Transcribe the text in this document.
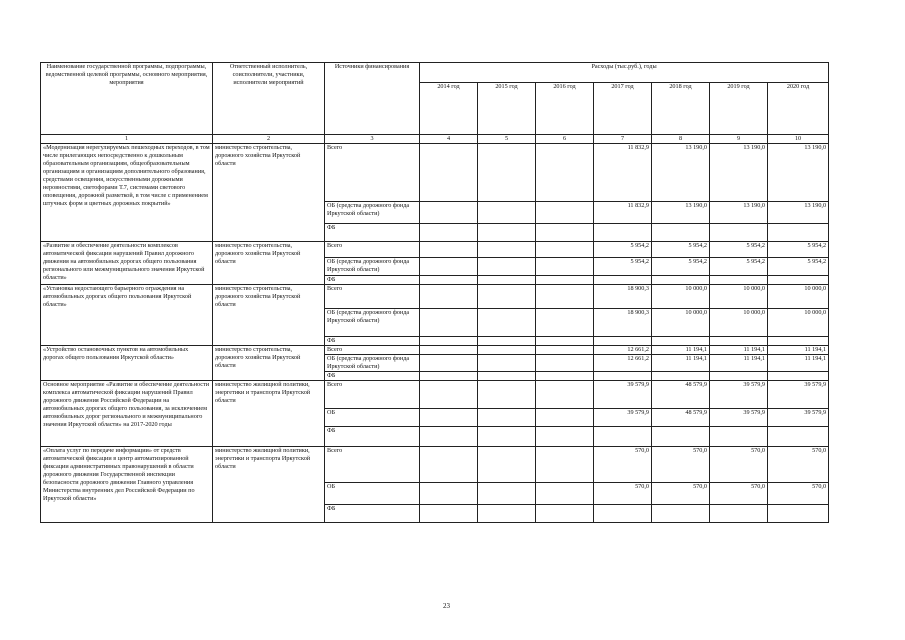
Наименование государственной программы, подпрограммы, ведомственной целевой программы, основного мероприятия, мероприятия	Ответственный исполнитель, соисполнители, участники, исполнители мероприятий	Источники финансирования	Расходы (тыс.руб.), годы						
			2014 год	2015 год	2016 год	2017 год	2018 год	2019 год	2020 год
1	2	3	4	5	6	7	8	9	10
«Модернизация нерегулируемых пешеходных переходов, в том числе прилегающих непосредственно к дошкольным образовательным организациям, общеобразовательным организациям и организациям дополнительного образования, средствами освещения, искусственными дорожными неровностями, светофорами Т.7, системами светового оповещения, дорожной разметкой, в том числе с применением штучных форм и цветных дорожных покрытий»	министерство строительства, дорожного хозяйства Иркутской области	Всего				11 832,9	13 190,0	13 190,0	13 190,0
		ОБ (средства дорожного фонда Иркутской области)				11 832,9	13 190,0	13 190,0	13 190,0
		ФБ							
«Развитие и обеспечение деятельности комплексов автоматической фиксации нарушений Правил дорожного движения на автомобильных дорогах общего пользования регионального или межмуниципального значения Иркутской области»	министерство строительства, дорожного хозяйства Иркутской области	Всего				5 954,2	5 954,2	5 954,2	5 954,2
		ОБ (средства дорожного фонда Иркутской области)				5 954,2	5 954,2	5 954,2	5 954,2
		ФБ							
«Установка недостающего барьерного ограждения на автомобильных дорогах общего пользования Иркутской области»	министерство строительства, дорожного хозяйства Иркутской области	Всего				18 900,3	10 000,0	10 000,0	10 000,0
		ОБ (средства дорожного фонда Иркутской области)				18 900,3	10 000,0	10 000,0	10 000,0
		ФБ							
«Устройство остановочных пунктов на автомобильных дорогах общего пользования Иркутской области»	министерство строительства, дорожного хозяйства Иркутской области	Всего				12 661,2	11 194,1	11 194,1	11 194,1
		ОБ (средства дорожного фонда Иркутской области)				12 661,2	11 194,1	11 194,1	11 194,1
		ФБ							
Основное мероприятие «Развитие и обеспечение деятельности комплекса автоматической фиксации нарушений Правил дорожного движения Российской Федерации на автомобильных дорогах общего пользования, за исключением автомобильных дорог регионального и межмуниципального значения Иркутской области» на 2017-2020 годы	министерство жилищной политики, энергетики и транспорта Иркутской области	Всего				39 579,9	48 579,9	39 579,9	39 579,9
		ОБ				39 579,9	48 579,9	39 579,9	39 579,9
		ФБ							
«Оплата услуг по передаче информации» от средств автоматической фиксации в центр автоматизированной фиксации административных правонарушений в области дорожного движения Государственной инспекции безопасности дорожного движения Главного управления Министерства внутренних дел Российской Федерации по Иркутской области»	министерство жилищной политики, энергетики и транспорта Иркутской области	Всего				570,0	570,0	570,0	570,0
		ОБ				570,0	570,0	570,0	570,0
		ФБ							
23
